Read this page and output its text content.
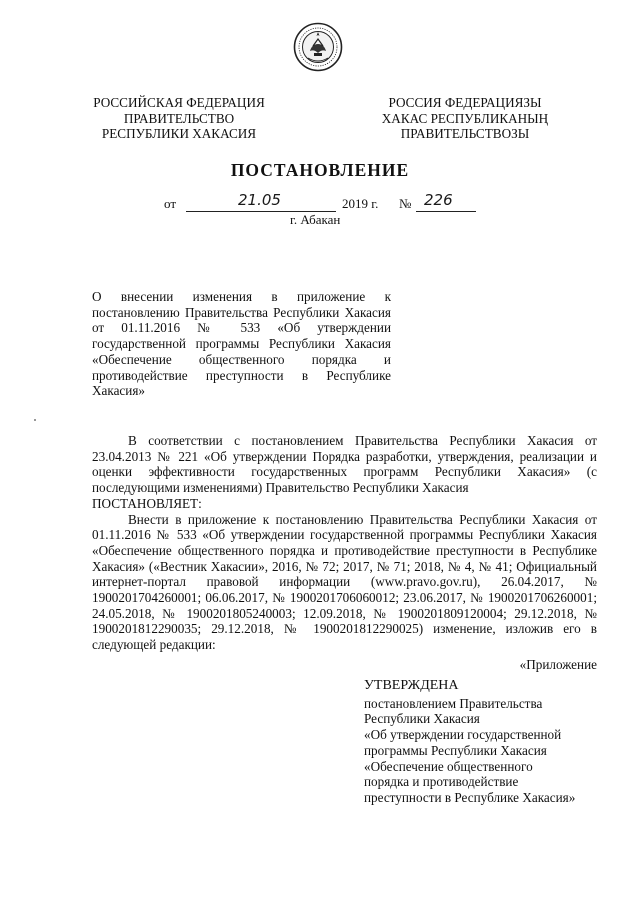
РОССИЙСКАЯ ФЕДЕРАЦИЯ
ПРАВИТЕЛЬСТВО
РЕСПУБЛИКИ ХАКАСИЯ
РОССИЯ ФЕДЕРАЦИЯЗЫ
ХАКАС РЕСПУБЛИКАНЫҢ
ПРАВИТЕЛЬСТВОЗЫ
ПОСТАНОВЛЕНИЕ
от	21.05	2019 г. № 226
г. Абакан

О внесении изменения в приложение к постановлению Правительства Республики Хакасия от 01.11.2016 № 533 «Об утверждении государственной программы Республики Хакасия «Обеспечение общественного порядка и противодействие преступности в Республике Хакасия»

В соответствии с постановлением Правительства Республики Хакасия от 23.04.2013 № 221 «Об утверждении Порядка разработки, утверждения, реализации и оценки эффективности государственных программ Республики Хакасия» (с последующими изменениями) Правительство Республики Хакасия

ПОСТАНОВЛЯЕТ:

Внести в приложение к постановлению Правительства Республики Хакасия от 01.11.2016 № 533 «Об утверждении государственной программы Республики Хакасия «Обеспечение общественного порядка и противодействие преступности в Республике Хакасия» («Вестник Хакасии», 2016, № 72; 2017, № 71; 2018, № 4, № 41; Официальный интернет-портал правовой информации (www.pravo.gov.ru), 26.04.2017, № 1900201704260001; 06.06.2017, № 1900201706060012; 23.06.2017, № 1900201706260001; 24.05.2018, № 1900201805240003; 12.09.2018, № 1900201809120004; 29.12.2018, № 1900201812290035; 29.12.2018, № 1900201812290025) изменение, изложив его в следующей редакции:

«Приложение
УТВЕРЖДЕНА
постановлением Правительства
Республики Хакасия
«Об утверждении государственной
программы Республики Хакасия
«Обеспечение общественного
порядка и противодействие
преступности в Республике Хакасия»
